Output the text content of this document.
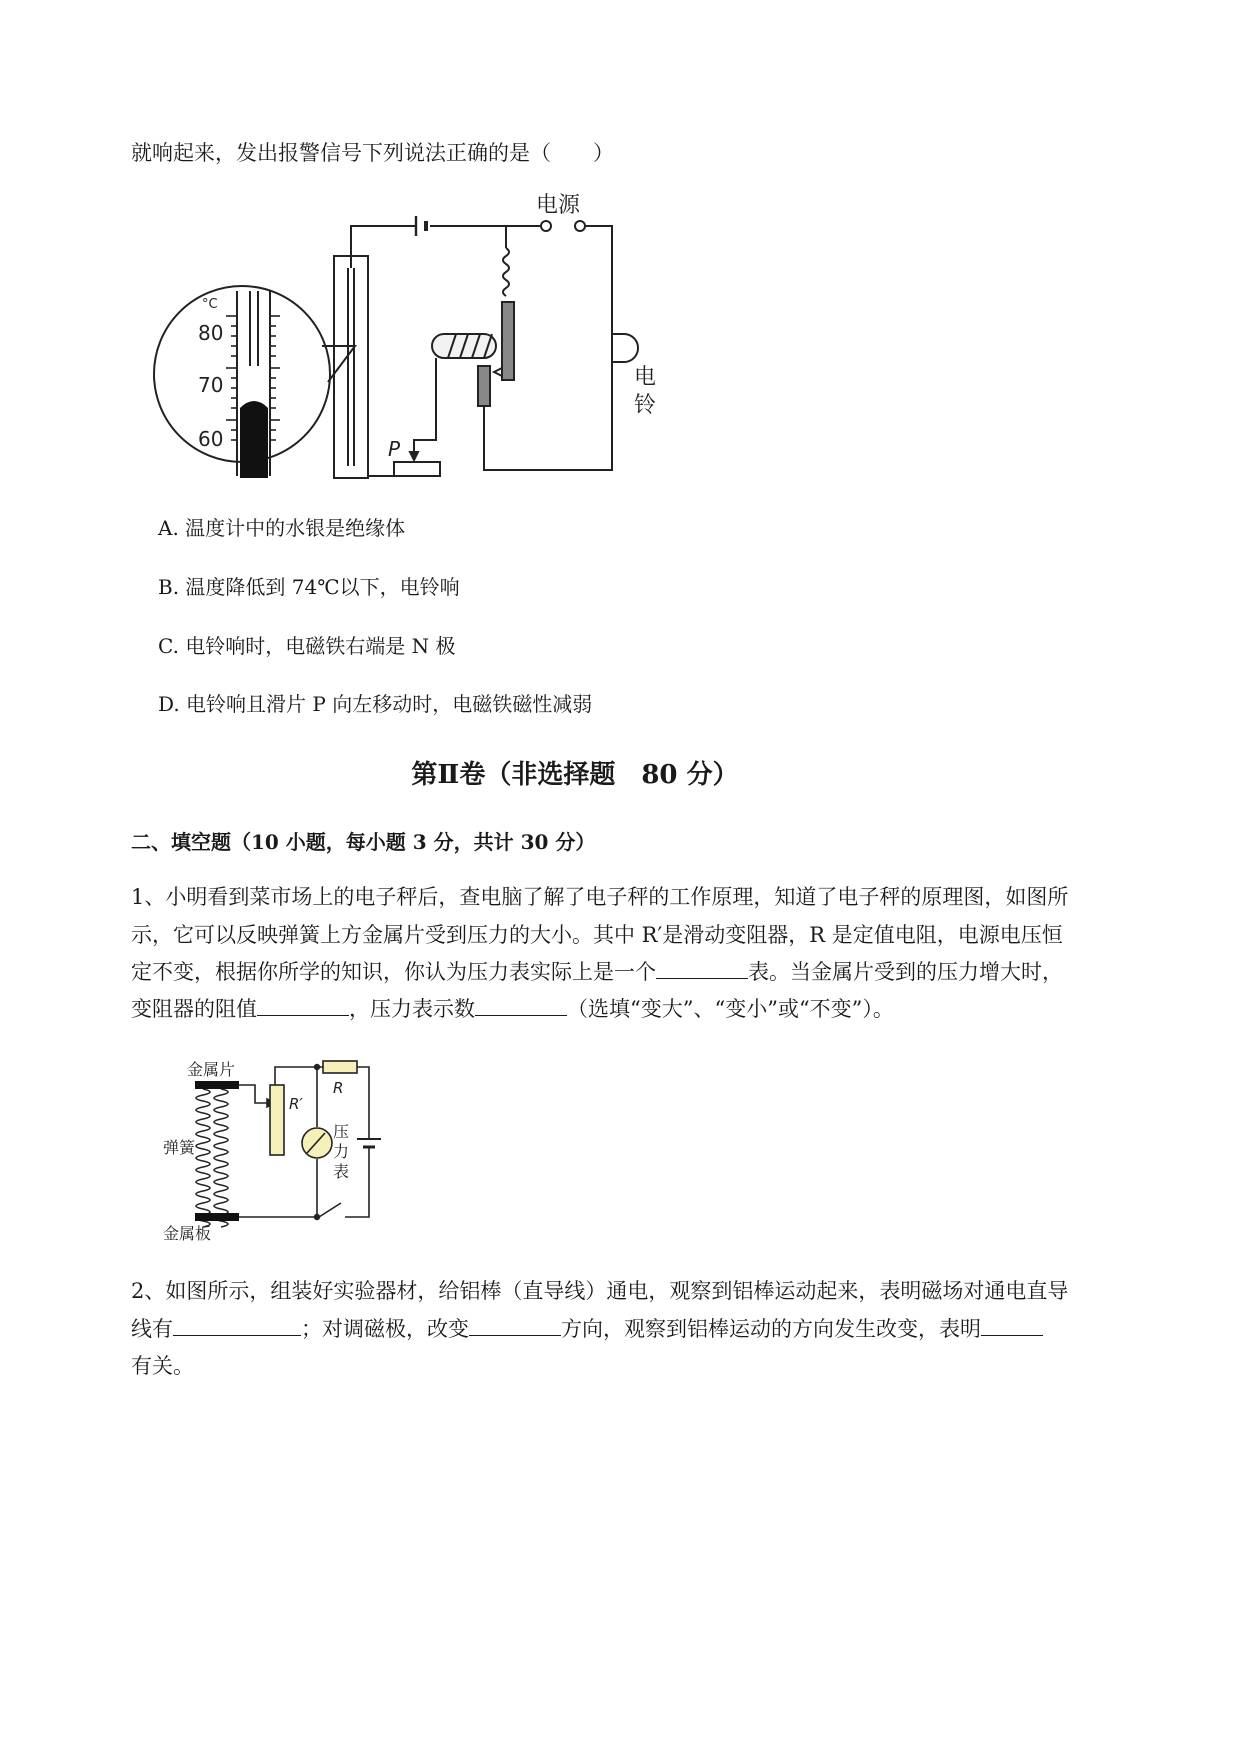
就响起来，发出报警信号下列说法正确的是（　　）
°C
80
70
60
电源
电
铃
P
A. 温度计中的水银是绝缘体
B. 温度降低到 74℃以下，电铃响
C. 电铃响时，电磁铁右端是 N 极
D. 电铃响且滑片 P 向左移动时，电磁铁磁性减弱
第Ⅱ卷（非选择题　80 分）
二、填空题（10 小题，每小题 3 分，共计 30 分）
1、小明看到菜市场上的电子秤后，查电脑了解了电子秤的工作原理，知道了电子秤的原理图，如图所
示，它可以反映弹簧上方金属片受到压力的大小。其中 R′是滑动变阻器，R 是定值电阻，电源电压恒
定不变，根据你所学的知识，你认为压力表实际上是一个	表。当金属片受到的压力增大时，
变阻器的阻值	，压力表示数	（选填“变大”、“变小”或“不变”）。
金属片
弹簧
金属板
R
R′
压
力
表
2、如图所示，组装好实验器材，给铝棒（直导线）通电，观察到铝棒运动起来，表明磁场对通电直导
线有	；对调磁极，改变	方向，观察到铝棒运动的方向发生改变，表明
有关。
